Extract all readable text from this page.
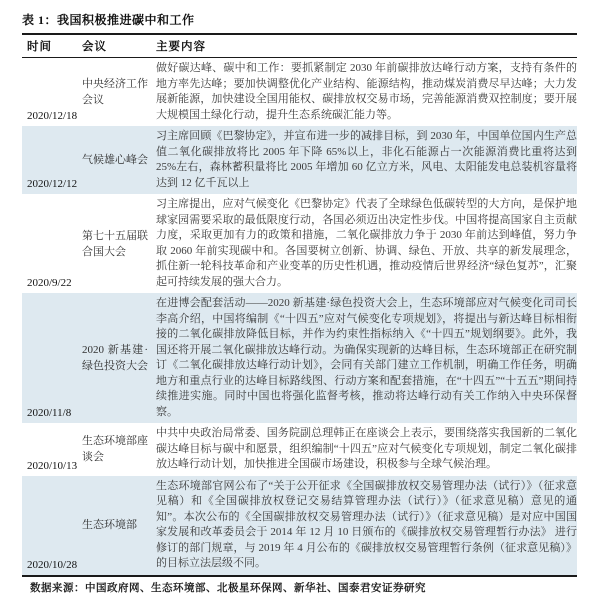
表 1：我国积极推进碳中和工作
时间	会议	主要内容
2020/12/18	中央经济工作会议	做好碳达峰、碳中和工作：要抓紧制定 2030 年前碳排放达峰行动方案，支持有条件的地方率先达峰；要加快调整优化产业结构、能源结构，推动煤炭消费尽早达峰；大力发展新能源，加快建设全国用能权、碳排放权交易市场，完善能源消费双控制度；要开展大规模国土绿化行动，提升生态系统碳汇能力等。
2020/12/12	气候雄心峰会	习主席回顾《巴黎协定》，并宣布进一步的减排目标，到 2030 年，中国单位国内生产总值二氧化碳排放将比 2005 年下降 65%以上，非化石能源占一次能源消费比重将达到25%左右，森林蓄积量将比 2005 年增加 60 亿立方米，风电、太阳能发电总装机容量将达到 12 亿千瓦以上
2020/9/22	第七十五届联合国大会	习主席提出，应对气候变化《巴黎协定》代表了全球绿色低碳转型的大方向，是保护地球家园需要采取的最低限度行动，各国必须迈出决定性步伐。中国将提高国家自主贡献力度，采取更加有力的政策和措施，二氧化碳排放力争于 2030 年前达到峰值，努力争取 2060 年前实现碳中和。各国要树立创新、协调、绿色、开放、共享的新发展理念，抓住新一轮科技革命和产业变革的历史性机遇，推动疫情后世界经济“绿色复苏”，汇聚起可持续发展的强大合力。
2020/11/8	2020 新基建·绿色投资大会	在进博会配套活动——2020 新基建·绿色投资大会上，生态环境部应对气候变化司司长李高介绍，中国将编制《“十四五”应对气候变化专项规划》，将提出与新达峰目标相衔接的二氧化碳排放降低目标，并作为约束性指标纳入《“十四五”规划纲要》。此外，我国还将开展二氧化碳排放达峰行动。为确保实现新的达峰目标，生态环境部正在研究制订《二氧化碳排放达峰行动计划》，会同有关部门建立工作机制，明确工作任务，明确地方和重点行业的达峰目标路线图、行动方案和配套措施，在“十四五”“十五五”期间持续推进实施。同时中国也将强化监督考核，推动将达峰行动有关工作纳入中央环保督察。
2020/10/13	生态环境部座谈会	中共中央政治局常委、国务院副总理韩正在座谈会上表示，要围绕落实我国新的二氧化碳达峰目标与碳中和愿景，组织编制“十四五”应对气候变化专项规划，制定二氧化碳排放达峰行动计划，加快推进全国碳市场建设，积极参与全球气候治理。
2020/10/28	生态环境部	生态环境部官网公布了“关于公开征求《全国碳排放权交易管理办法（试行）》（征求意见稿）和《全国碳排放权登记交易结算管理办法（试行）》（征求意见稿）意见的通知”。本次公布的《全国碳排放权交易管理办法（试行）》（征求意见稿）是对应中国国家发展和改革委员会于 2014 年 12 月 10 日颁布的《碳排放权交易管理暂行办法》 进行修订的部门规章，与 2019 年 4 月公布的《碳排放权交易管理暂行条例（征求意见稿）》的目标立法层级不同。
数据来源：中国政府网、生态环境部、北极星环保网、新华社、国泰君安证券研究
